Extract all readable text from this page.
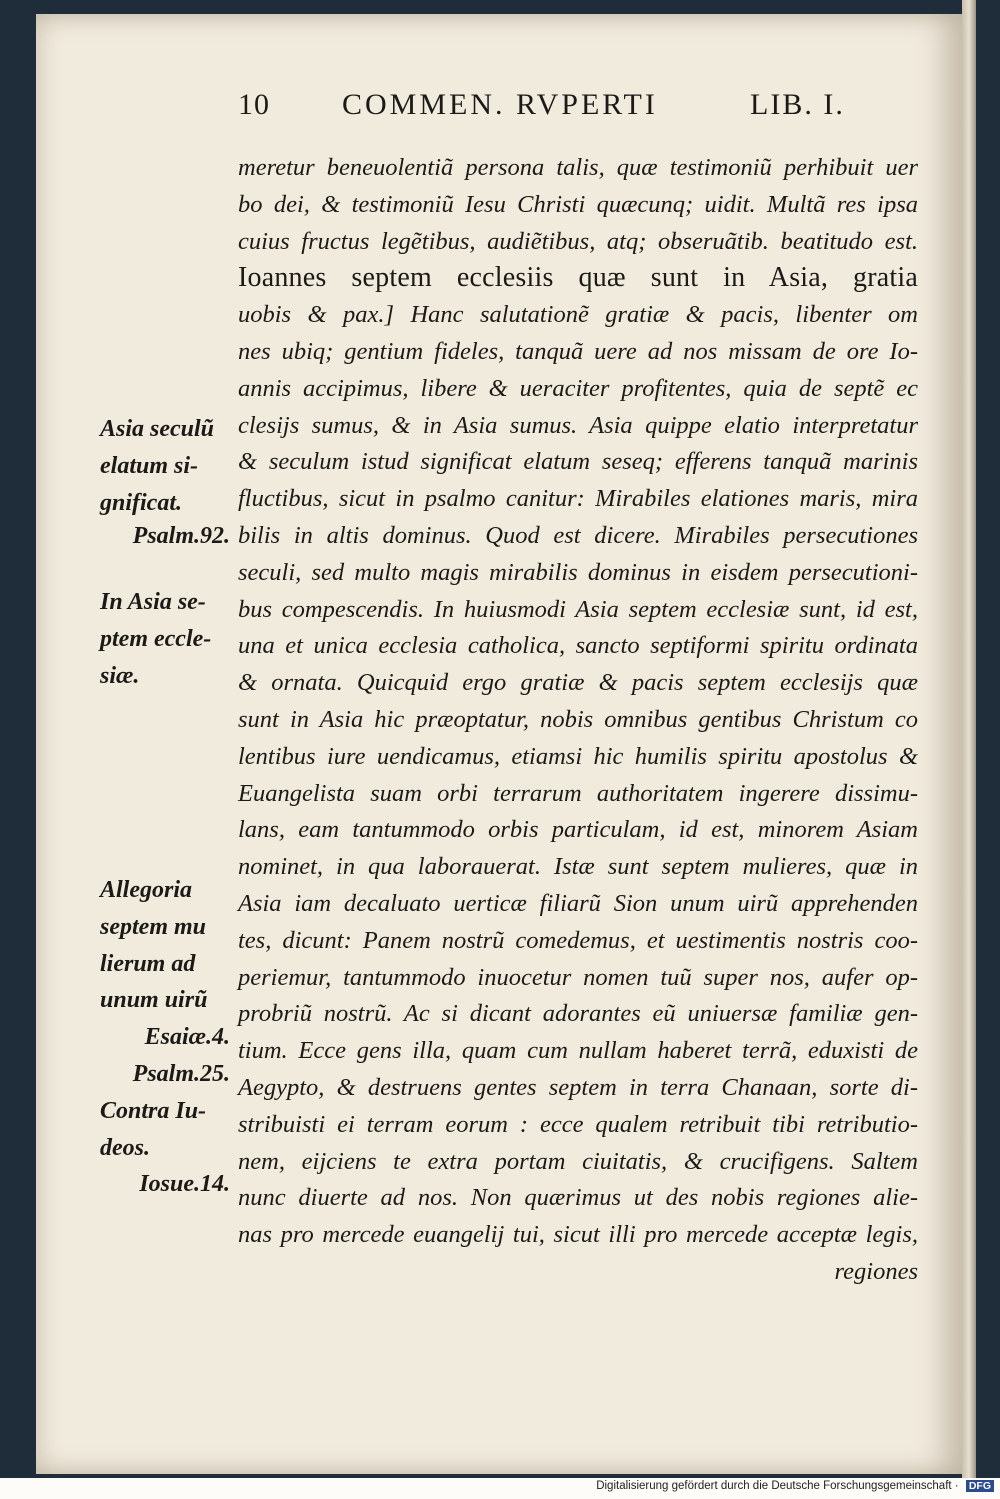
10 COMMEN. RVPERTI	LIB. I.
meretur beneuolentiã persona talis, quæ testimoniũ perhibuit uer
bo dei, & testimoniũ Iesu Christi quæcunq; uidit. Multã res ipsa
cuius fructus legẽtibus, audiẽtibus, atq; obseruãtib. beatitudo est.
Ioannes septem ecclesiis quæ sunt in Asia, gratia
uobis & pax.] Hanc salutationẽ gratiæ & pacis, libenter om
nes ubiq; gentium fideles, tanquã uere ad nos missam de ore Io-
annis accipimus, libere & ueraciter profitentes, quia de septẽ ec
clesijs sumus, & in Asia sumus. Asia quippe elatio interpretatur
& seculum istud significat elatum seseq; efferens tanquã marinis
fluctibus, sicut in psalmo canitur: Mirabiles elationes maris, mira
bilis in altis dominus. Quod est dicere. Mirabiles persecutiones
seculi, sed multo magis mirabilis dominus in eisdem persecutioni-
bus compescendis. In huiusmodi Asia septem ecclesiæ sunt, id est,
una et unica ecclesia catholica, sancto septiformi spiritu ordinata
& ornata. Quicquid ergo gratiæ & pacis septem ecclesijs quæ
sunt in Asia hic præoptatur, nobis omnibus gentibus Christum co
lentibus iure uendicamus, etiamsi hic humilis spiritu apostolus &
Euangelista suam orbi terrarum authoritatem ingerere dissimu-
lans, eam tantummodo orbis particulam, id est, minorem Asiam
nominet, in qua laborauerat. Istæ sunt septem mulieres, quæ in
Asia iam decaluato uerticæ filiarũ Sion unum uirũ apprehenden
tes, dicunt: Panem nostrũ comedemus, et uestimentis nostris coo-
periemur, tantummodo inuocetur nomen tuũ super nos, aufer op-
probriũ nostrũ. Ac si dicant adorantes eũ uniuersæ familiæ gen-
tium. Ecce gens illa, quam cum nullam haberet terrã, eduxisti de
Aegypto, & destruens gentes septem in terra Chanaan, sorte di-
stribuisti ei terram eorum : ecce qualem retribuit tibi retributio-
nem, eijciens te extra portam ciuitatis, & crucifigens. Saltem
nunc diuerte ad nos. Non quærimus ut des nobis regiones alie-
nas pro mercede euangelij tui, sicut illi pro mercede acceptæ legis,
regiones
Asia seculũ
elatum si-
gnificat.
Psalm.92.
In Asia se-
ptem eccle-
siæ.
Allegoria
septem mu
lierum ad
unum uirũ
Esaiæ.4.
Psalm.25.
Contra Iu-
deos.
Iosue.14.
Digitalisierung gefördert durch die Deutsche Forschungsgemeinschaft · DFG
